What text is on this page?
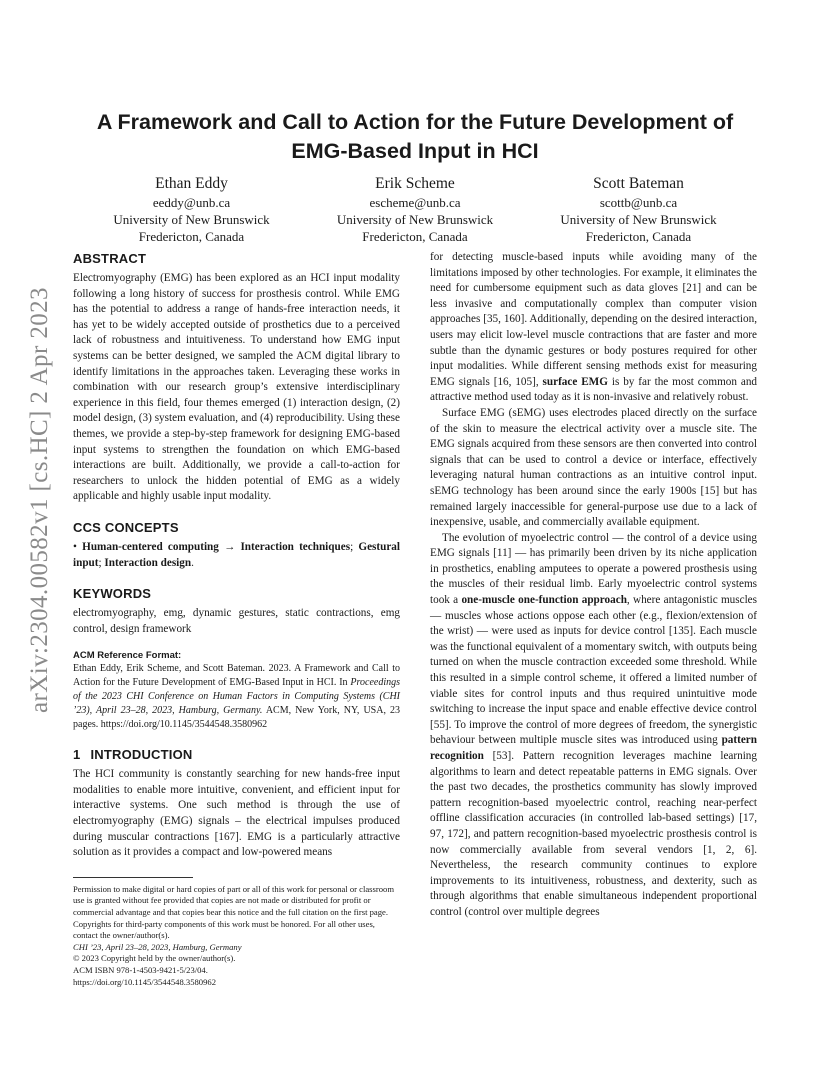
arXiv:2304.00582v1 [cs.HC] 2 Apr 2023
A Framework and Call to Action for the Future Development of
EMG-Based Input in HCI
Ethan Eddy
eeddy@unb.ca
University of New Brunswick
Fredericton, Canada
Erik Scheme
escheme@unb.ca
University of New Brunswick
Fredericton, Canada
Scott Bateman
scottb@unb.ca
University of New Brunswick
Fredericton, Canada
ABSTRACT

Electromyography (EMG) has been explored as an HCI input modality following a long history of success for prosthesis control. While EMG has the potential to address a range of hands-free interaction needs, it has yet to be widely accepted outside of prosthetics due to a perceived lack of robustness and intuitiveness. To understand how EMG input systems can be better designed, we sampled the ACM digital library to identify limitations in the approaches taken. Leveraging these works in combination with our research group’s extensive interdisciplinary experience in this field, four themes emerged (1) interaction design, (2) model design, (3) system evaluation, and (4) reproducibility. Using these themes, we provide a step-by-step framework for designing EMG-based input systems to strengthen the foundation on which EMG-based interactions are built. Additionally, we provide a call-to-action for researchers to unlock the hidden potential of EMG as a widely applicable and highly usable input modality.

CCS CONCEPTS

• Human-centered computing → Interaction techniques; Gestural input; Interaction design.

KEYWORDS

electromyography, emg, dynamic gestures, static contractions, emg control, design framework

ACM Reference Format:

Ethan Eddy, Erik Scheme, and Scott Bateman. 2023. A Framework and Call to Action for the Future Development of EMG-Based Input in HCI. In Proceedings of the 2023 CHI Conference on Human Factors in Computing Systems (CHI ’23), April 23–28, 2023, Hamburg, Germany. ACM, New York, NY, USA, 23 pages. https://doi.org/10.1145/3544548.3580962

1 INTRODUCTION

The HCI community is constantly searching for new hands-free input modalities to enable more intuitive, convenient, and efficient input for interactive systems. One such method is through the use of electromyography (EMG) signals – the electrical impulses produced during muscular contractions [167]. EMG is a particularly attractive solution as it provides a compact and low-powered means

Permission to make digital or hard copies of part or all of this work for personal or classroom use is granted without fee provided that copies are not made or distributed for profit or commercial advantage and that copies bear this notice and the full citation on the first page. Copyrights for third-party components of this work must be honored. For all other uses, contact the owner/author(s).

CHI ’23, April 23–28, 2023, Hamburg, Germany

© 2023 Copyright held by the owner/author(s).

ACM ISBN 978-1-4503-9421-5/23/04.

https://doi.org/10.1145/3544548.3580962

for detecting muscle-based inputs while avoiding many of the limitations imposed by other technologies. For example, it eliminates the need for cumbersome equipment such as data gloves [21] and can be less invasive and computationally complex than computer vision approaches [35, 160]. Additionally, depending on the desired interaction, users may elicit low-level muscle contractions that are faster and more subtle than the dynamic gestures or body postures required for other input modalities. While different sensing methods exist for measuring EMG signals [16, 105], surface EMG is by far the most common and attractive method used today as it is non-invasive and relatively robust.

Surface EMG (sEMG) uses electrodes placed directly on the surface of the skin to measure the electrical activity over a muscle site. The EMG signals acquired from these sensors are then converted into control signals that can be used to control a device or interface, effectively leveraging natural human contractions as an intuitive control input. sEMG technology has been around since the early 1900s [15] but has remained largely inaccessible for general-purpose use due to a lack of inexpensive, usable, and commercially available equipment.

The evolution of myoelectric control — the control of a device using EMG signals [11] — has primarily been driven by its niche application in prosthetics, enabling amputees to operate a powered prosthesis using the muscles of their residual limb. Early myoelectric control systems took a one-muscle one-function approach, where antagonistic muscles — muscles whose actions oppose each other (e.g., flexion/extension of the wrist) — were used as inputs for device control [135]. Each muscle was the functional equivalent of a momentary switch, with outputs being turned on when the muscle contraction exceeded some threshold. While this resulted in a simple control scheme, it offered a limited number of viable sites for control inputs and thus required unintuitive mode switching to increase the input space and enable effective device control [55]. To improve the control of more degrees of freedom, the synergistic behaviour between multiple muscle sites was introduced using pattern recognition [53]. Pattern recognition leverages machine learning algorithms to learn and detect repeatable patterns in EMG signals. Over the past two decades, the prosthetics community has slowly improved pattern recognition-based myoelectric control, reaching near-perfect offline classification accuracies (in controlled lab-based settings) [17, 97, 172], and pattern recognition-based myoelectric prosthesis control is now commercially available from several vendors [1, 2, 6]. Nevertheless, the research community continues to explore improvements to its intuitiveness, robustness, and dexterity, such as through algorithms that enable simultaneous independent proportional control (control over multiple degrees
